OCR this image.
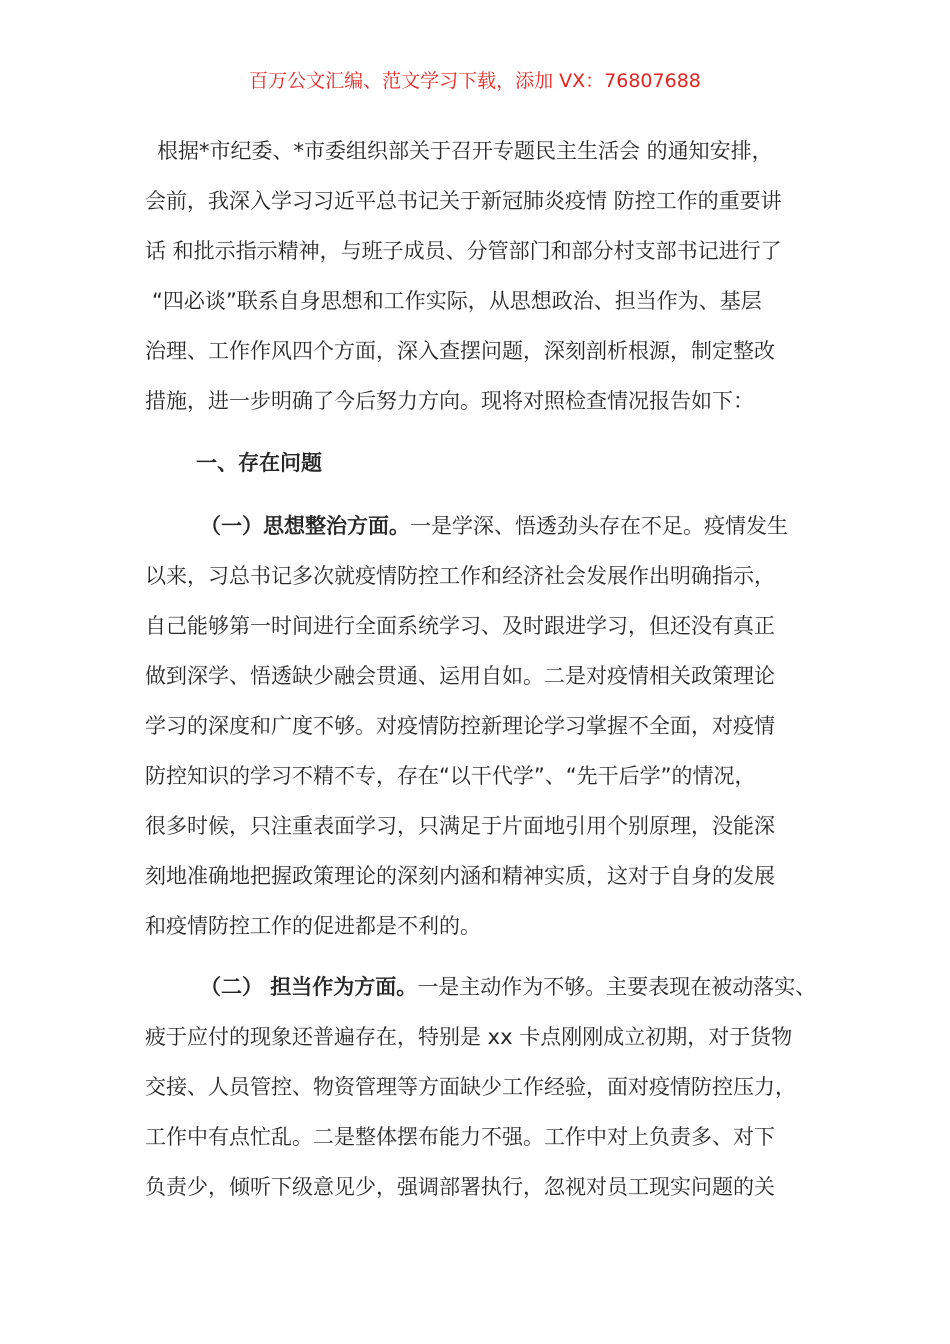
百万公文汇编、范文学习下载，添加 VX：76807688
根据*市纪委、*市委组织部关于召开专题民主生活会 的通知安排，
会前，我深入学习习近平总书记关于新冠肺炎疫情 防控工作的重要讲
话 和批示指示精神，与班子成员、分管部门和部分村支部书记进行了
“四必谈”联系自身思想和工作实际，从思想政治、担当作为、基层
治理、工作作风四个方面，深入查摆问题，深刻剖析根源，制定整改
措施，进一步明确了今后努力方向。现将对照检查情况报告如下：
一、存在问题
（一）思想整治方面。一是学深、悟透劲头存在不足。疫情发生
以来，习总书记多次就疫情防控工作和经济社会发展作出明确指示，
自己能够第一时间进行全面系统学习、及时跟进学习，但还没有真正
做到深学、悟透缺少融会贯通、运用自如。二是对疫情相关政策理论
学习的深度和广度不够。对疫情防控新理论学习掌握不全面，对疫情
防控知识的学习不精不专，存在“以干代学”、“先干后学”的情况，
很多时候，只注重表面学习，只满足于片面地引用个别原理，没能深
刻地准确地把握政策理论的深刻内涵和精神实质，这对于自身的发展
和疫情防控工作的促进都是不利的。
（二） 担当作为方面。一是主动作为不够。主要表现在被动落实、
疲于应付的现象还普遍存在，特别是 xx 卡点刚刚成立初期，对于货物
交接、人员管控、物资管理等方面缺少工作经验，面对疫情防控压力，
工作中有点忙乱。二是整体摆布能力不强。工作中对上负责多、对下
负责少，倾听下级意见少，强调部署执行，忽视对员工现实问题的关
